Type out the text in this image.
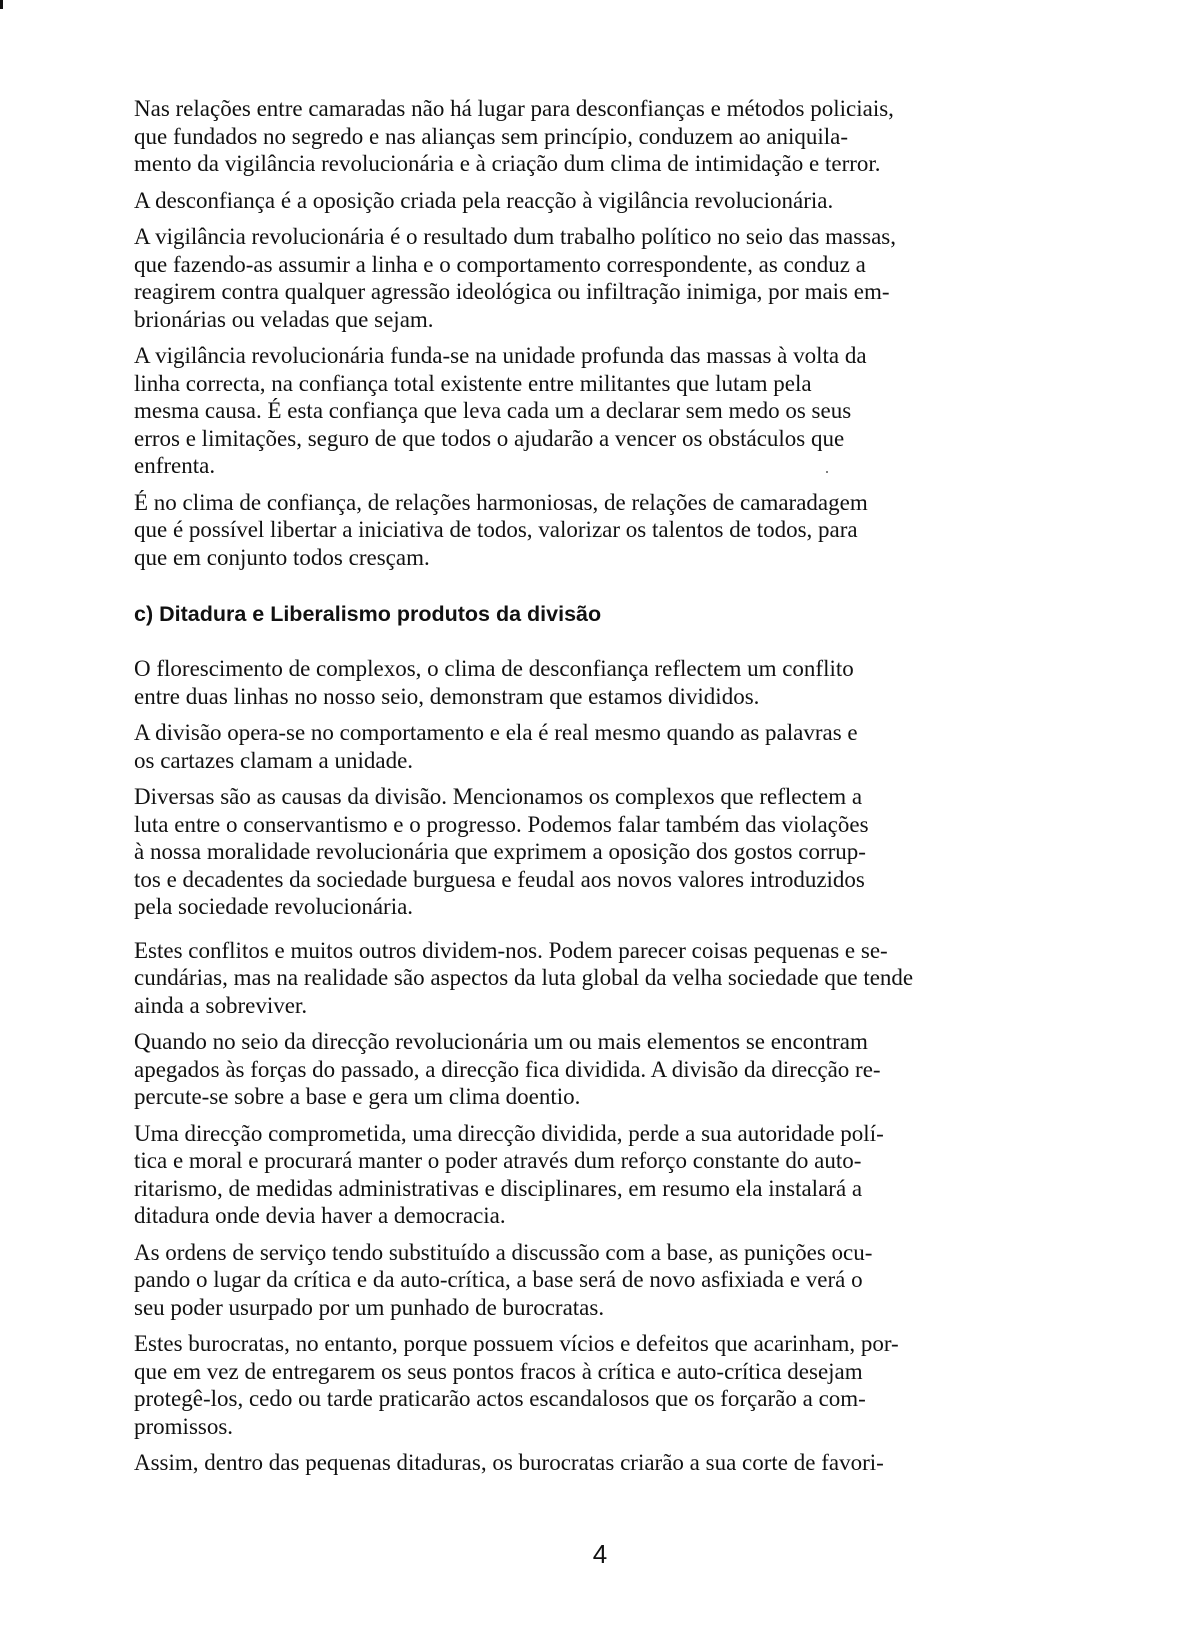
Nas relações entre camaradas não há lugar para desconfianças e métodos policiais,
que fundados no segredo e nas alianças sem princípio, conduzem ao aniquila-
mento da vigilância revolucionária e à criação dum clima de intimidação e terror.

A desconfiança é a oposição criada pela reacção à vigilância revolucionária.

A vigilância revolucionária é o resultado dum trabalho político no seio das massas,
que fazendo-as assumir a linha e o comportamento correspondente, as conduz a
reagirem contra qualquer agressão ideológica ou infiltração inimiga, por mais em-
brionárias ou veladas que sejam.

A vigilância revolucionária funda-se na unidade profunda das massas à volta da
linha correcta, na confiança total existente entre militantes que lutam pela
mesma causa. É esta confiança que leva cada um a declarar sem medo os seus
erros e limitações, seguro de que todos o ajudarão a vencer os obstáculos que
enfrenta.

É no clima de confiança, de relações harmoniosas, de relações de camaradagem
que é possível libertar a iniciativa de todos, valorizar os talentos de todos, para
que em conjunto todos cresçam.

c) Ditadura e Liberalismo produtos da divisão

O florescimento de complexos, o clima de desconfiança reflectem um conflito
entre duas linhas no nosso seio, demonstram que estamos divididos.

A divisão opera-se no comportamento e ela é real mesmo quando as palavras e
os cartazes clamam a unidade.

Diversas são as causas da divisão. Mencionamos os complexos que reflectem a
luta entre o conservantismo e o progresso. Podemos falar também das violações
à nossa moralidade revolucionária que exprimem a oposição dos gostos corrup-
tos e decadentes da sociedade burguesa e feudal aos novos valores introduzidos
pela sociedade revolucionária.

Estes conflitos e muitos outros dividem-nos. Podem parecer coisas pequenas e se-
cundárias, mas na realidade são aspectos da luta global da velha sociedade que tende
ainda a sobreviver.

Quando no seio da direcção revolucionária um ou mais elementos se encontram
apegados às forças do passado, a direcção fica dividida. A divisão da direcção re-
percute-se sobre a base e gera um clima doentio.

Uma direcção comprometida, uma direcção dividida, perde a sua autoridade polí-
tica e moral e procurará manter o poder através dum reforço constante do auto-
ritarismo, de medidas administrativas e disciplinares, em resumo ela instalará a
ditadura onde devia haver a democracia.

As ordens de serviço tendo substituído a discussão com a base, as punições ocu-
pando o lugar da crítica e da auto-crítica, a base será de novo asfixiada e verá o
seu poder usurpado por um punhado de burocratas.

Estes burocratas, no entanto, porque possuem vícios e defeitos que acarinham, por-
que em vez de entregarem os seus pontos fracos à crítica e auto-crítica desejam
protegê-los, cedo ou tarde praticarão actos escandalosos que os forçarão a com-
promissos.

Assim, dentro das pequenas ditaduras, os burocratas criarão a sua corte de favori-

4
